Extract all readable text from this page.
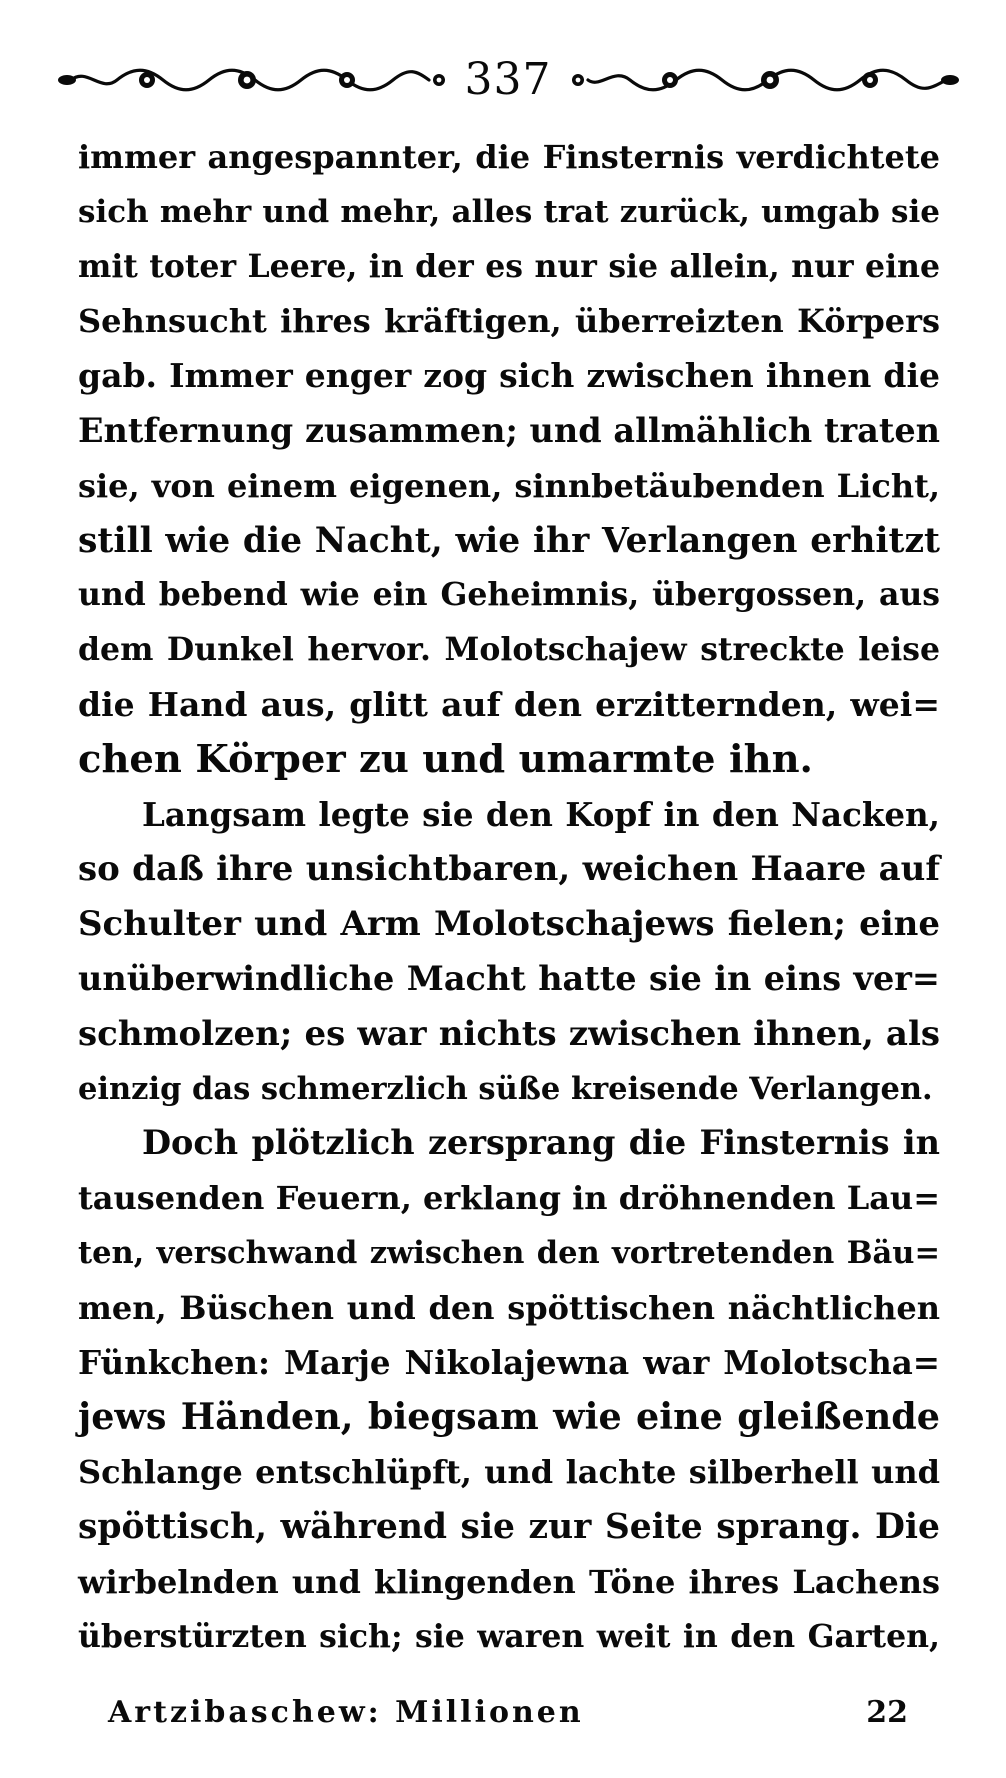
337

immer angespannter, die Finsternis verdichtete
sich mehr und mehr, alles trat zurück, umgab sie
mit toter Leere, in der es nur sie allein, nur eine
Sehnsucht ihres kräftigen, überreizten Körpers
gab. Immer enger zog sich zwischen ihnen die
Entfernung zusammen; und allmählich traten
sie, von einem eigenen, sinnbetäubenden Licht,
still wie die Nacht, wie ihr Verlangen erhitzt
und bebend wie ein Geheimnis, übergossen, aus
dem Dunkel hervor. Molotschajew streckte leise
die Hand aus, glitt auf den erzitternden, wei=
chen Körper zu und umarmte ihn.

Langsam legte sie den Kopf in den Nacken,
so daß ihre unsichtbaren, weichen Haare auf
Schulter und Arm Molotschajews fielen; eine
unüberwindliche Macht hatte sie in eins ver=
schmolzen; es war nichts zwischen ihnen, als
einzig das schmerzlich süße kreisende Verlangen.

Doch plötzlich zersprang die Finsternis in
tausenden Feuern, erklang in dröhnenden Lau=
ten, verschwand zwischen den vortretenden Bäu=
men, Büschen und den spöttischen nächtlichen
Fünkchen: Marje Nikolajewna war Molotscha=
jews Händen, biegsam wie eine gleißende
Schlange entschlüpft, und lachte silberhell und
spöttisch, während sie zur Seite sprang. Die
wirbelnden und klingenden Töne ihres Lachens
überstürzten sich; sie waren weit in den Garten,

Artzibaschew: Millionen	22
